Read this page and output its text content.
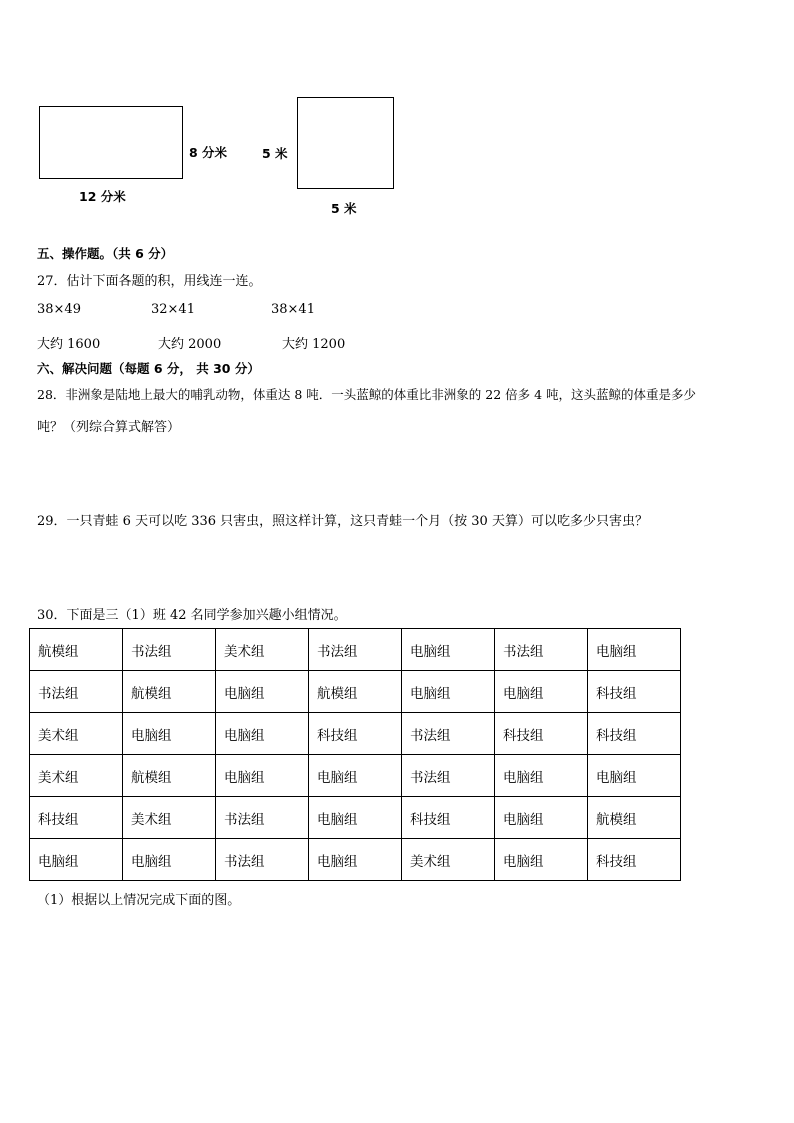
8 分米
12 分米
5 米
5 米
五、操作题。（共 6 分）
27．估计下面各题的积，用线连一连。
38×49	32×41	38×41
大约 1600	大约 2000	大约 1200
六、解决问题（每题 6 分， 共 30 分）
28．非洲象是陆地上最大的哺乳动物，体重达 8 吨．一头蓝鲸的体重比非洲象的 22 倍多 4 吨，这头蓝鲸的体重是多少
吨？（列综合算式解答）
29．一只青蛙 6 天可以吃 336 只害虫，照这样计算，这只青蛙一个月（按 30 天算）可以吃多少只害虫？
30．下面是三（1）班 42 名同学参加兴趣小组情况。
航模组	书法组	美术组	书法组	电脑组	书法组	电脑组
书法组	航模组	电脑组	航模组	电脑组	电脑组	科技组
美术组	电脑组	电脑组	科技组	书法组	科技组	科技组
美术组	航模组	电脑组	电脑组	书法组	电脑组	电脑组
科技组	美术组	书法组	电脑组	科技组	电脑组	航模组
电脑组	电脑组	书法组	电脑组	美术组	电脑组	科技组
（1）根据以上情况完成下面的图。
